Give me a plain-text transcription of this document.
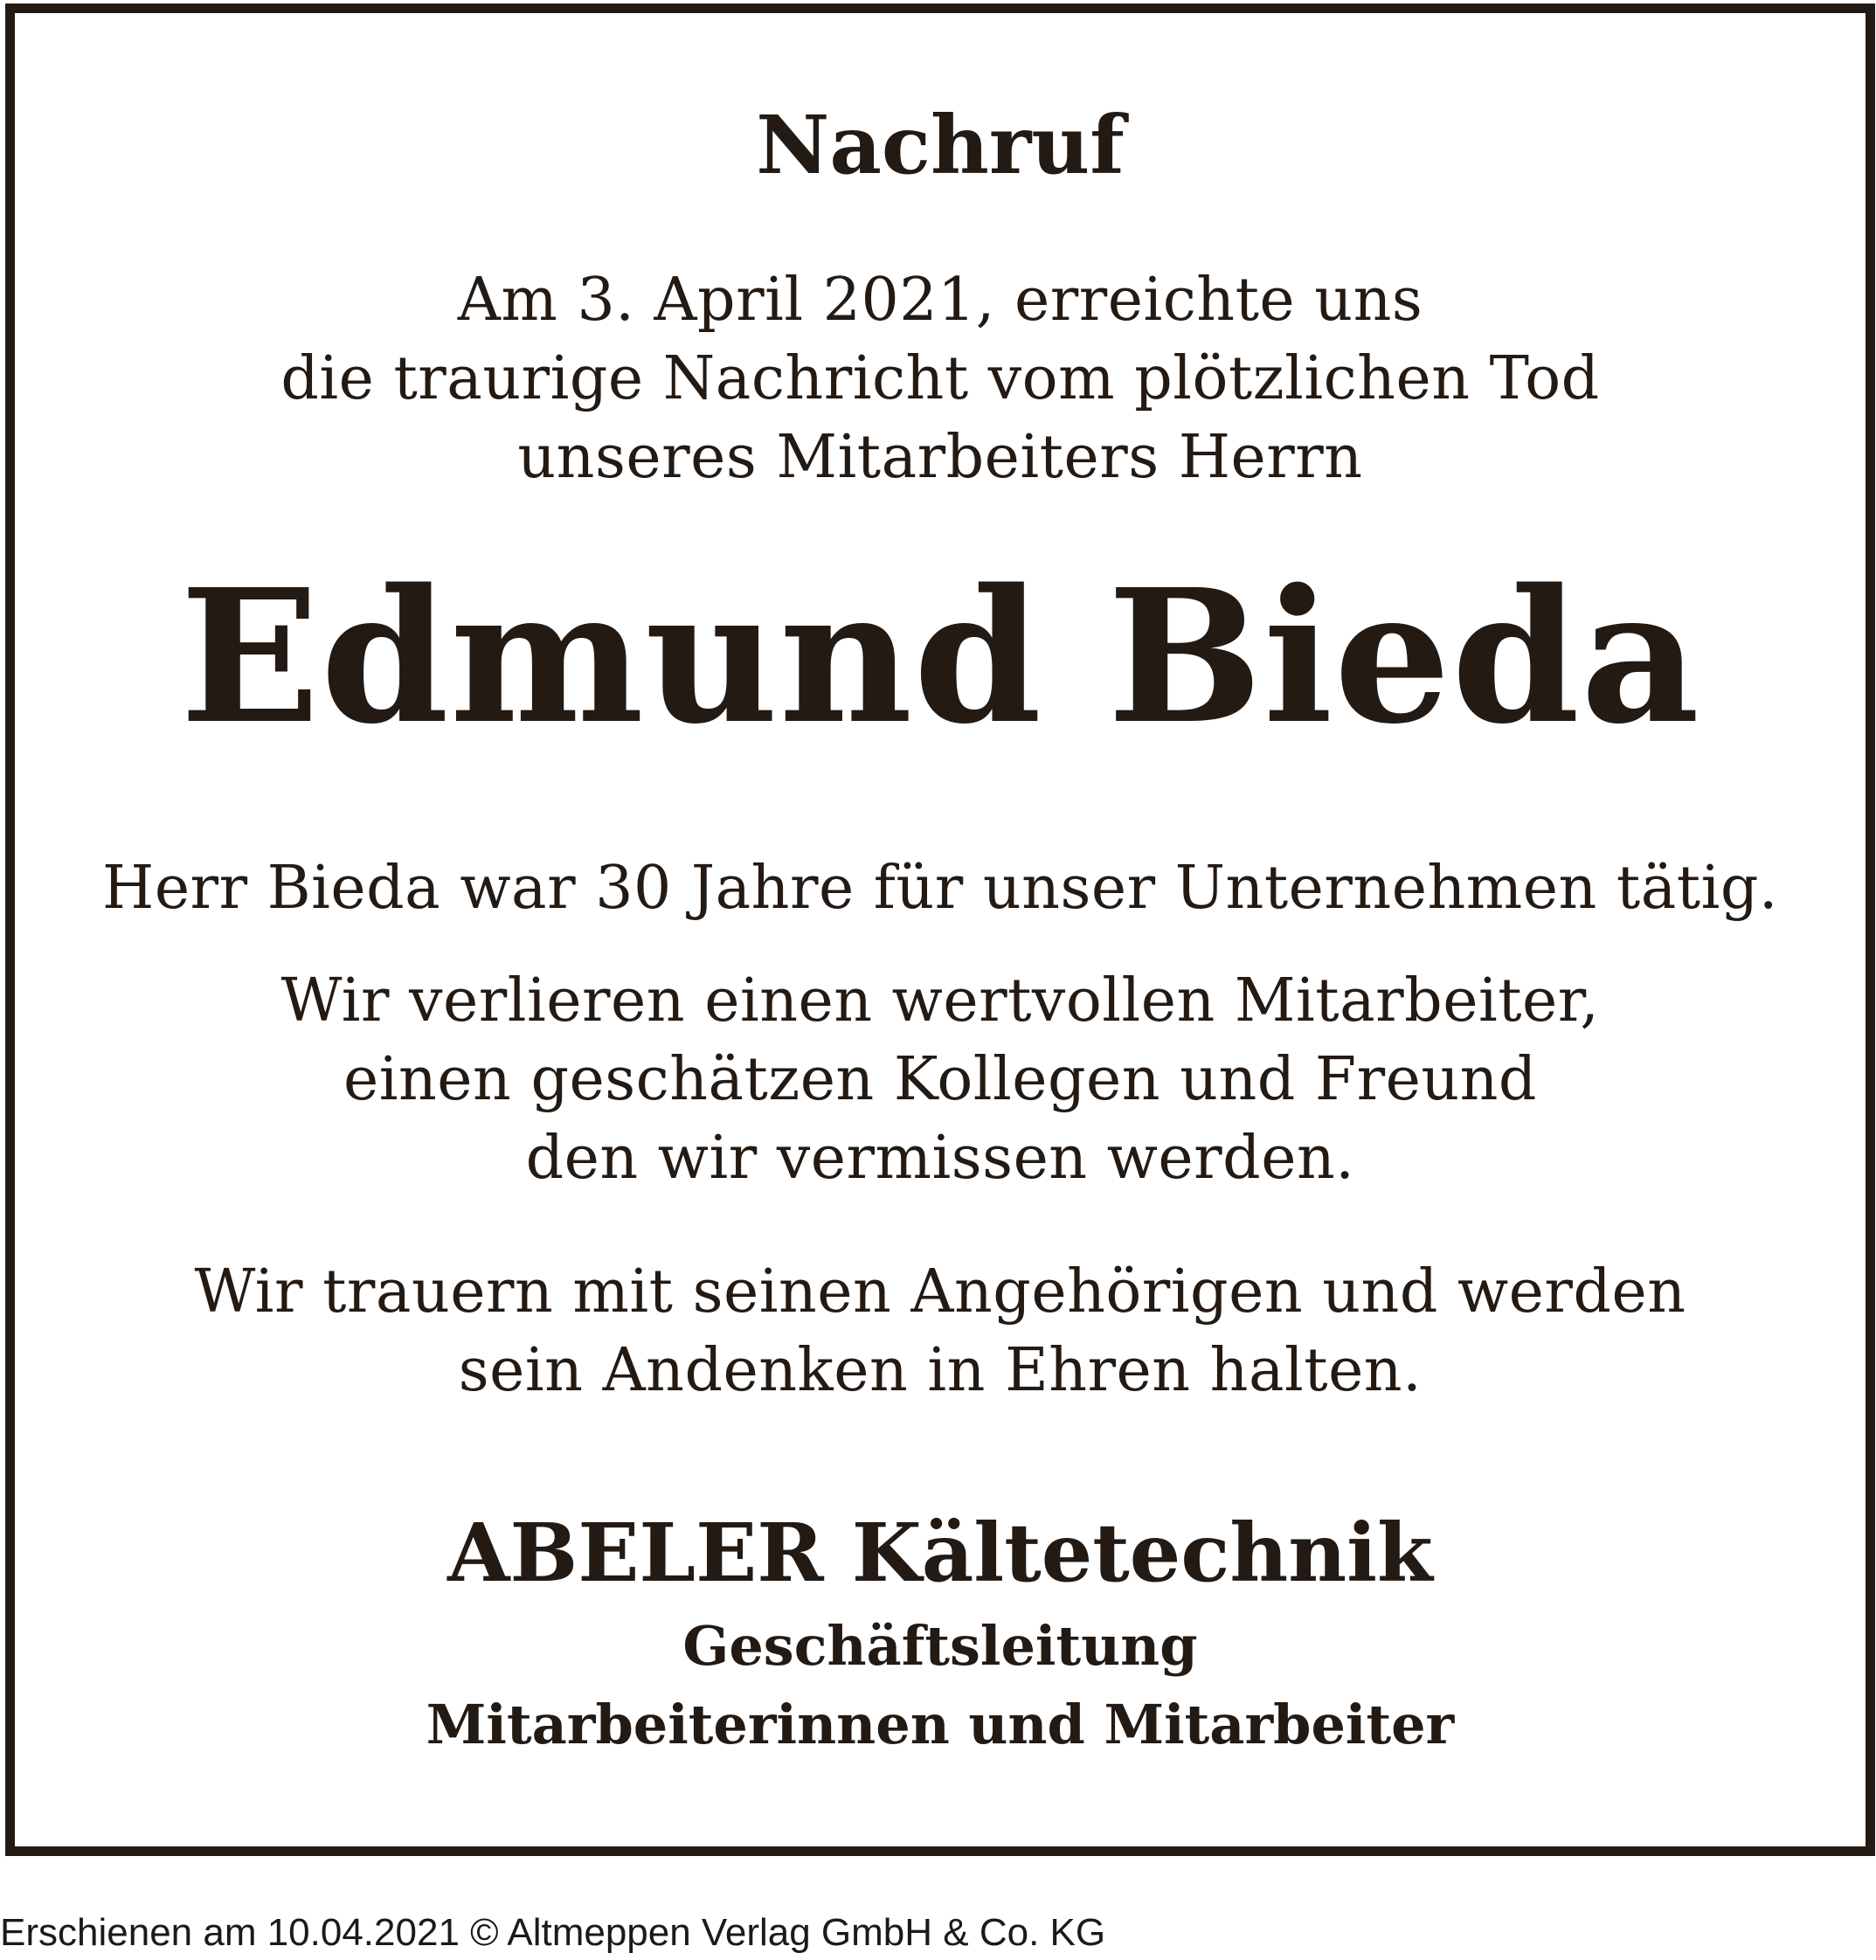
Nachruf
Am 3. April 2021, erreichte uns
die traurige Nachricht vom plötzlichen Tod
unseres Mitarbeiters Herrn
Edmund Bieda
Herr Bieda war 30 Jahre für unser Unternehmen tätig.
Wir verlieren einen wertvollen Mitarbeiter,
einen geschätzen Kollegen und Freund
den wir vermissen werden.
Wir trauern mit seinen Angehörigen und werden
sein Andenken in Ehren halten.
ABELER Kältetechnik
Geschäftsleitung
Mitarbeiterinnen und Mitarbeiter
Erschienen am 10.04.2021 © Altmeppen Verlag GmbH & Co. KG
